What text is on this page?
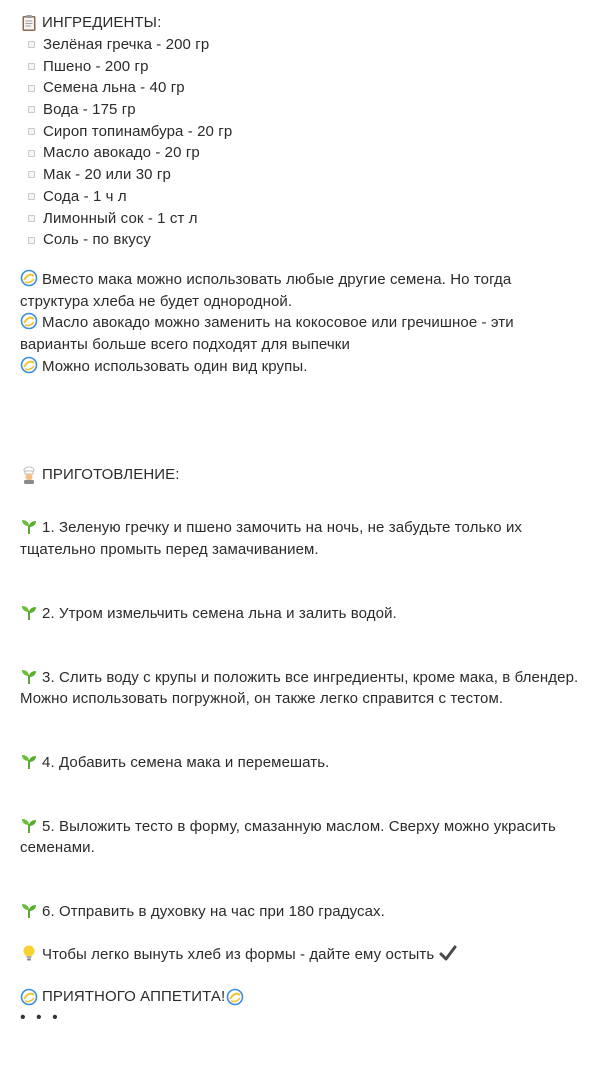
ИНГРЕДИЕНТЫ:
Зелёная гречка - 200 гр
Пшено - 200 гр
Семена льна - 40 гр
Вода - 175 гр
Сироп топинамбура - 20 гр
Масло авокадо - 20 гр
Мак - 20 или 30 гр
Сода - 1 ч л
Лимонный сок - 1 ст л
Соль - по вкусу
Вместо мака можно использовать любые другие семена. Но тогда структура хлеба не будет однородной.
Масло авокадо можно заменить на кокосовое или гречишное - эти варианты больше всего подходят для выпечки
Можно использовать один вид крупы.
ПРИГОТОВЛЕНИЕ:
1. Зеленую гречку и пшено замочить на ночь, не забудьте только их тщательно промыть перед замачиванием.
2. Утром измельчить семена льна и залить водой.
3. Слить воду с крупы и положить все ингредиенты, кроме мака, в блендер. Можно использовать погружной, он также легко справится с тестом.
4. Добавить семена мака и перемешать.
5. Выложить тесто в форму, смазанную маслом. Сверху можно украсить семенами.
6. Отправить в духовку на час при 180 градусах.
Чтобы легко вынуть хлеб из формы - дайте ему остыть
ПРИЯТНОГО АППЕТИТА!
• • •
